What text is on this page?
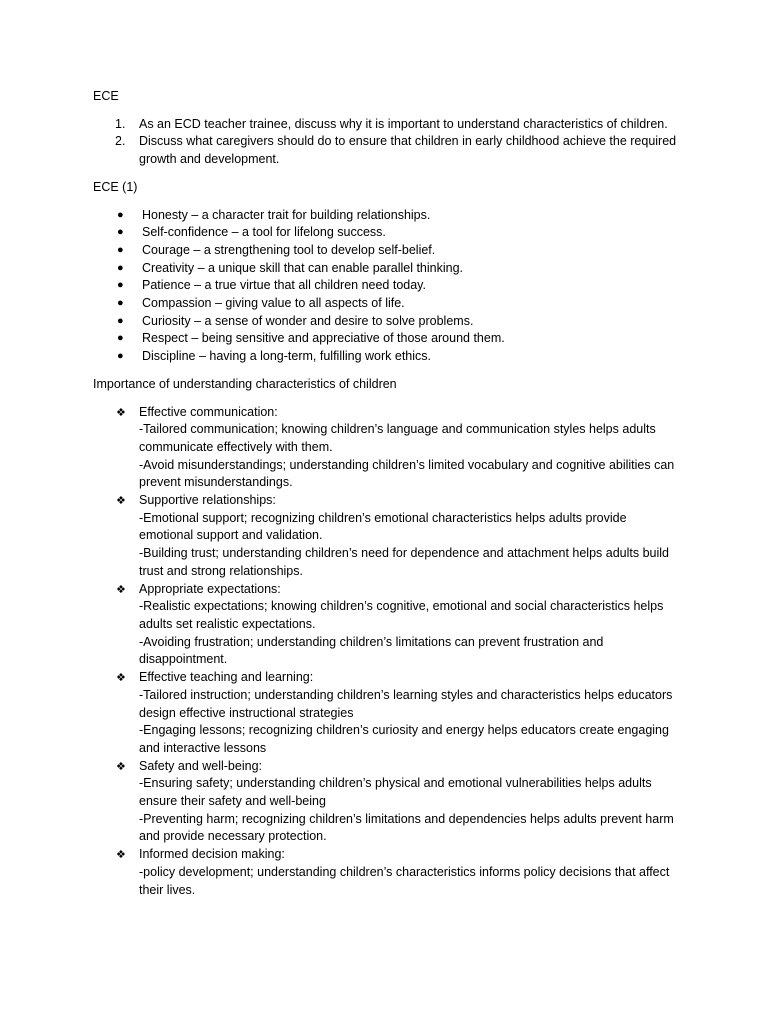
ECE
1. As an ECD teacher trainee, discuss why it is important to understand characteristics of children.
2. Discuss what caregivers should do to ensure that children in early childhood achieve the required growth and development.
ECE (1)
● Honesty – a character trait for building relationships.
● Self-confidence – a tool for lifelong success.
● Courage – a strengthening tool to develop self-belief.
● Creativity – a unique skill that can enable parallel thinking.
● Patience – a true virtue that all children need today.
● Compassion – giving value to all aspects of life.
● Curiosity – a sense of wonder and desire to solve problems.
● Respect – being sensitive and appreciative of those around them.
● Discipline – having a long-term, fulfilling work ethics.
Importance of understanding characteristics of children
❖ Effective communication:
-Tailored communication; knowing children’s language and communication styles helps adults communicate effectively with them.
-Avoid misunderstandings; understanding children’s limited vocabulary and cognitive abilities can prevent misunderstandings.
❖ Supportive relationships:
-Emotional support; recognizing children’s emotional characteristics helps adults provide emotional support and validation.
-Building trust; understanding children’s need for dependence and attachment helps adults build trust and strong relationships.
❖ Appropriate expectations:
-Realistic expectations; knowing children’s cognitive, emotional and social characteristics helps adults set realistic expectations.
-Avoiding frustration; understanding children’s limitations can prevent frustration and disappointment.
❖ Effective teaching and learning:
-Tailored instruction; understanding children’s learning styles and characteristics helps educators design effective instructional strategies
-Engaging lessons; recognizing children’s curiosity and energy helps educators create engaging and interactive lessons
❖ Safety and well-being:
-Ensuring safety; understanding children’s physical and emotional vulnerabilities helps adults ensure their safety and well-being
-Preventing harm; recognizing children’s limitations and dependencies helps adults prevent harm and provide necessary protection.
❖ Informed decision making:
-policy development; understanding children’s characteristics informs policy decisions that affect their lives.
